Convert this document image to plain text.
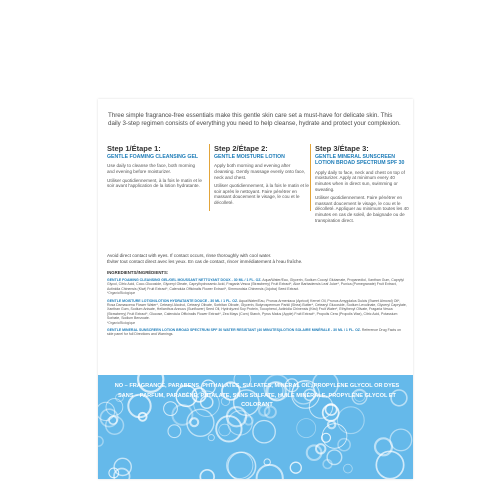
Three simple fragrance-free essentials make this gentle skin care set a must-have for delicate skin. This daily 3-step regimen consists of everything you need to help cleanse, hydrate and protect your complexion.

Step 1/Étape 1:
GENTLE FOAMING CLEANSING GEL
Use daily to cleanse the face, both morning and evening before moisturizer.
Utiliser quotidiennement, à la fois le matin et le soir avant l'application de la lotion hydratante.
Step 2/Étape 2:
GENTLE MOISTURE LOTION
Apply both morning and evening after cleansing. Gently massage evenly onto face, neck and chest.
Utiliser quotidiennement, à la fois le matin et le soir après le nettoyant. Faire pénétrer en massant doucement le visage, le cou et le décolleté.
Step 3/Étape 3:
GENTLE MINERAL SUNSCREEN LOTION BROAD SPECTRUM SPF 30
Apply daily to face, neck and chest on top of moisturizer. Apply at minimum every 40 minutes when in direct sun, swimming or sweating.
Utiliser quotidiennement. Faire pénétrer en massant doucement le visage, le cou et le décolleté. Appliquer au minimum toutes les 40 minutes en cas de soleil, de baignade ou de transpiration direct.
Avoid direct contact with eyes. If contact occurs, rinse thoroughly with cool water.
Éviter tout contact direct avec les yeux. En cas de contact, rincer immédiatement à l'eau fraîche.
INGREDIENTS/INGRÉDIENTS:
GENTLE FOAMING CLEANSING GEL/GEL MOUSSANT NETTOYANT DOUX - 30 ML / 1 FL. OZ. Aqua/Water/Eau, Glycerin, Sodium Cocoyl Glutamate, Propanediol, Xanthan Gum, Caprylyl Glycol, Citric Acid, Coco-Glucoside, Glyceryl Oleate, Caprylhydroxamic Acid, Fragaria Vesca (Strawberry) Fruit Extract*, Aloe Barbadensis Leaf Juice*, Punica (Pomegranate) Fruit Extract, Actinidia Chinensis (Kiwi) Fruit Extract*, Calendula Officinalis Flower Extract*, Simmondsia Chinensis (Jojoba) Seed Extract.
*Organic/Biologique
GENTLE MOISTURE LOTION/LOTION HYDRATANTE DOUCE - 30 ML / 1 FL. OZ. Aqua/Water/Eau, Prunus Armeniaca (Apricot) Kernel Oil, Prunus Amygdalus Dulcis (Sweet Almond) Oil*, Rosa Damascena Flower Water*, Cetearyl Alcohol, Cetearyl Olivate, Sorbitan Olivate, Glycerin, Butyrospermum Parkii (Shea) Butter*, Cetearyl Glucoside, Sodium Levulinate, Glyceryl Caprylate, Xanthan Gum, Sodium Anisate, Helianthus Annuus (Sunflower) Seed Oil, Hydrolyzed Soy Protein, Tocopherol, Actinidia Chinensis (Kiwi) Fruit Water*, Ethylhexyl Olivate, Fragaria Vesca (Strawberry) Fruit Extract*, Glucose, Calendula Officinalis Flower Extract*, Zea Mays (Corn) Starch, Pyrus Malus (Apple) Fruit Extract*, Propolis Cera (Propolis Wax), Citric Acid, Potassium Sorbate, Sodium Benzoate.
*Organic/Biologique
GENTLE MINERAL SUNSCREEN LOTION BROAD SPECTRUM SPF 30 WATER RESISTANT (40 MINUTES)/LOTION SOLAIRE MINÉRALE - 30 ML / 1 FL. OZ. Reference Drug Facts on side panel for full Directions and Warnings.
NO – FRAGRANCE, PARABENS, PHTHALATES, SULFATES, MINERAL OIL, PROPYLENE GLYCOL OR DYES
SANS – PARFUM, PARABÈNE, PHTALATE, SANS SULFATE, HUILE MINÉRALE, PROPYLÈNE GLYCOL ET COLORANT
